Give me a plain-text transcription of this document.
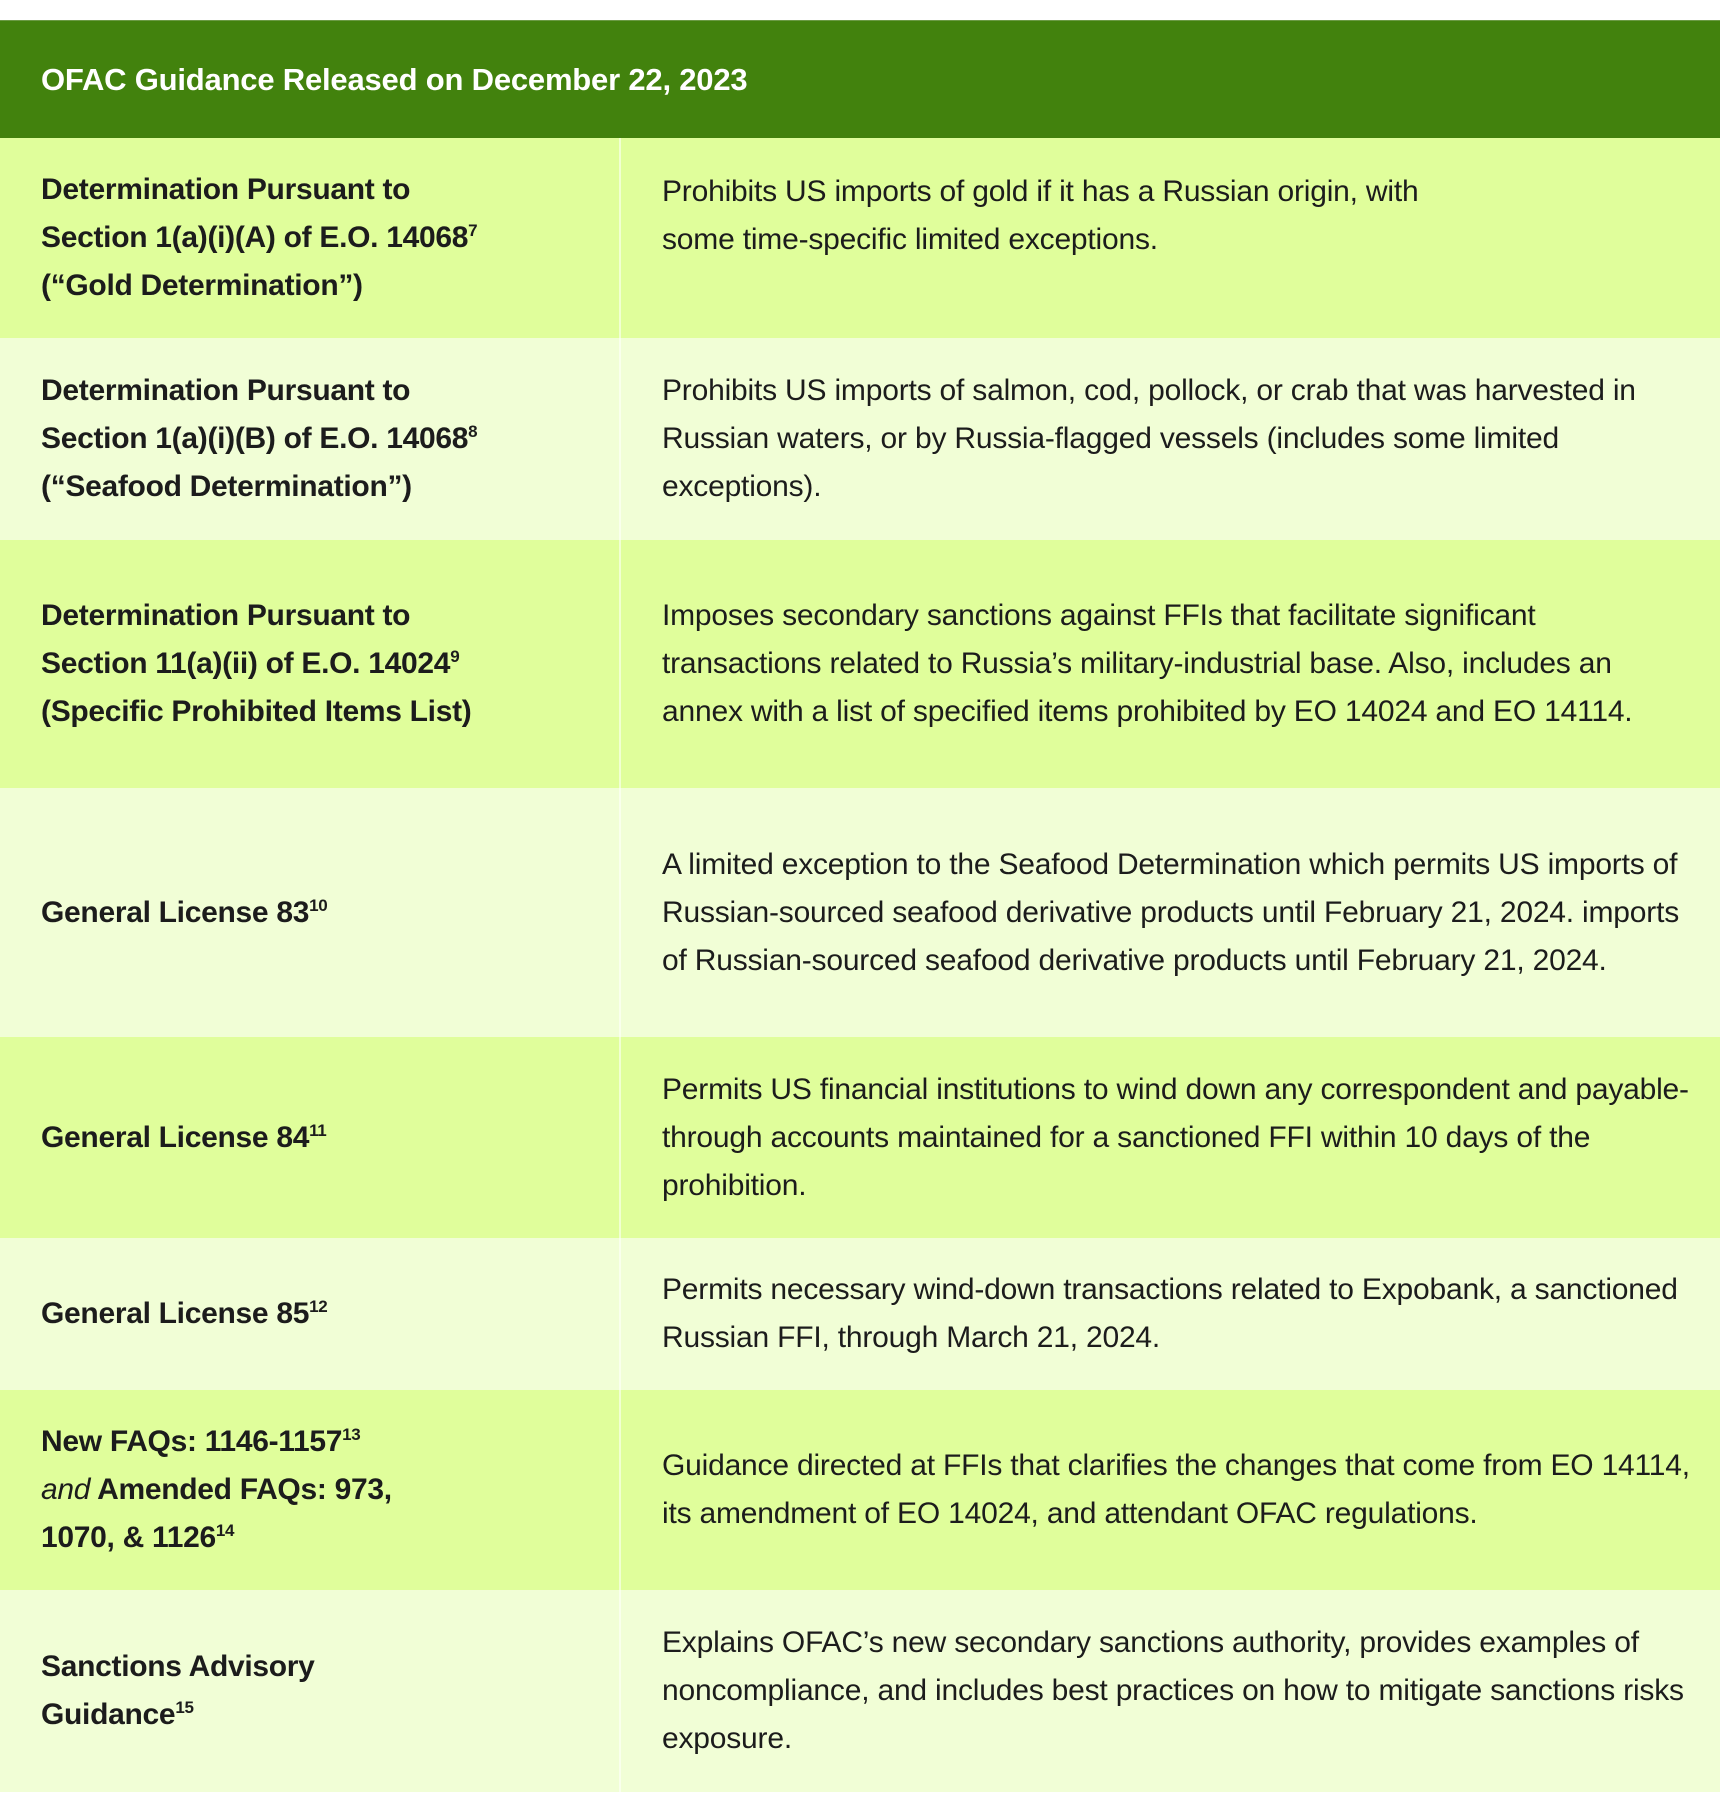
OFAC Guidance Released on December 22, 2023
Determination Pursuant to
Section 1(a)(i)(A) of E.O. 14068$^7$
(“Gold Determination”)
Prohibits US imports of gold if it has a Russian origin, with some time-specific limited exceptions.
Determination Pursuant to
Section 1(a)(i)(B) of E.O. 14068$^8$
(“Seafood Determination”)
Prohibits US imports of salmon, cod, pollock, or crab that was harvested in Russian waters, or by Russia-flagged vessels (includes some limited exceptions).
Determination Pursuant to
Section 11(a)(ii) of E.O. 14024$^9$
(Specific Prohibited Items List)
Imposes secondary sanctions against FFIs that facilitate significant transactions related to Russia’s military-industrial base. Also, includes an annex with a list of specified items prohibited by EO 14024 and EO 14114.
General License $83^{10}$
A limited exception to the Seafood Determination which permits US imports of Russian-sourced seafood derivative products until February 21, 2024. imports of Russian-sourced seafood derivative products until February 21, 2024.
General License $84^{11}$
Permits US financial institutions to wind down any correspondent and payable-through accounts maintained for a sanctioned FFI within 10 days of the prohibition.
General License $85^{12}$
Permits necessary wind-down transactions related to Expobank, a sanctioned Russian FFI, through March 21, 2024.
New FAQs: 1146-1157$^{13}$
and Amended FAQs: 973,
1070, & 1126$^{14}$
Guidance directed at FFIs that clarifies the changes that come from EO 14114, its amendment of EO 14024, and attendant OFAC regulations.
Sanctions Advisory
Guidance$^{15}$
Explains OFAC’s new secondary sanctions authority, provides examples of noncompliance, and includes best practices on how to mitigate sanctions risks exposure.
